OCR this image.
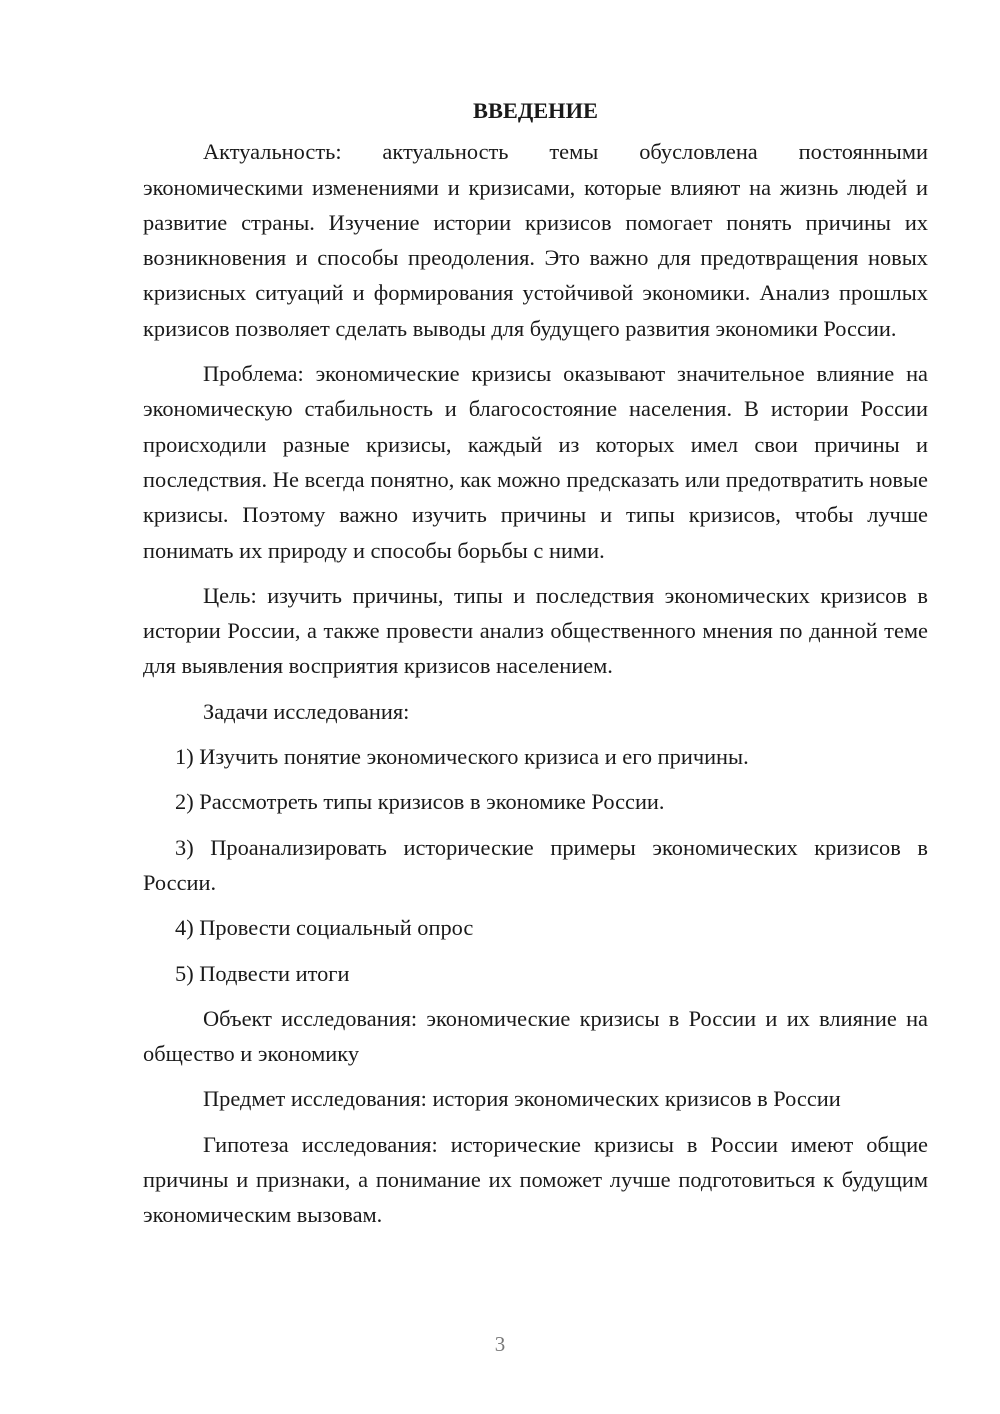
ВВЕДЕНИЕ

Актуальность: актуальность темы обусловлена постоянными экономическими изменениями и кризисами, которые влияют на жизнь людей и развитие страны. Изучение истории кризисов помогает понять причины их возникновения и способы преодоления. Это важно для предотвращения новых кризисных ситуаций и формирования устойчивой экономики. Анализ прошлых кризисов позволяет сделать выводы для будущего развития экономики России.

Проблема: экономические кризисы оказывают значительное влияние на экономическую стабильность и благосостояние населения. В истории России происходили разные кризисы, каждый из которых имел свои причины и последствия. Не всегда понятно, как можно предсказать или предотвратить новые кризисы. Поэтому важно изучить причины и типы кризисов, чтобы лучше понимать их природу и способы борьбы с ними.

Цель: изучить причины, типы и последствия экономических кризисов в истории России, а также провести анализ общественного мнения по данной теме для выявления восприятия кризисов населением.

Задачи исследования:

1) Изучить понятие экономического кризиса и его причины.

2) Рассмотреть типы кризисов в экономике России.

3) Проанализировать исторические примеры экономических кризисов в России.

4) Провести социальный опрос

5) Подвести итоги

Объект исследования: экономические кризисы в России и их влияние на общество и экономику

Предмет исследования: история экономических кризисов в России

Гипотеза исследования: исторические кризисы в России имеют общие причины и признаки, а понимание их поможет лучше подготовиться к будущим экономическим вызовам.

3
